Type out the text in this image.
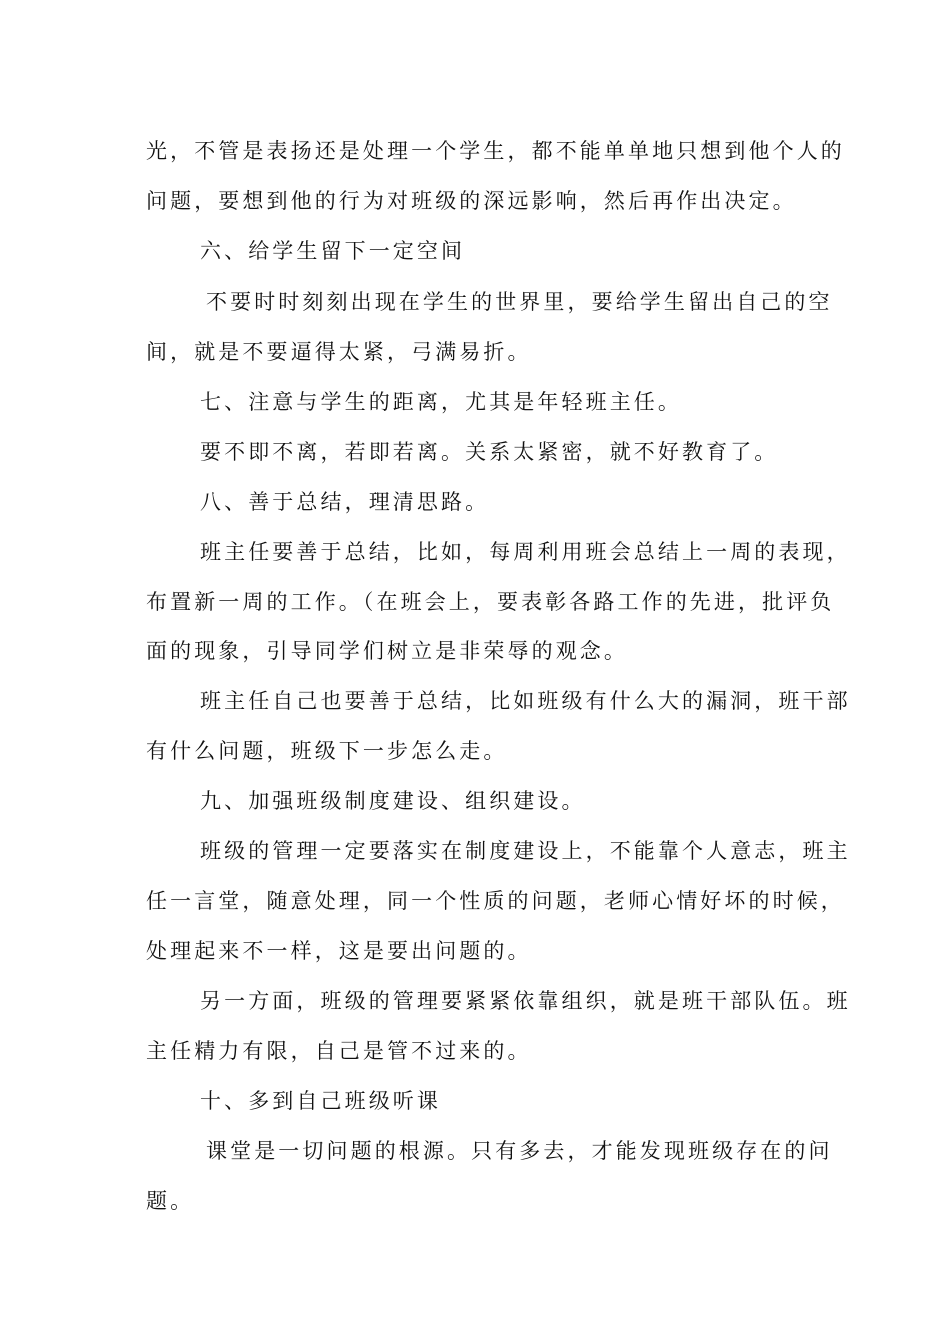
光，不管是表扬还是处理一个学生，都不能单单地只想到他个人的
问题，要想到他的行为对班级的深远影响，然后再作出决定。
六、给学生留下一定空间
不要时时刻刻出现在学生的世界里，要给学生留出自己的空
间，就是不要逼得太紧，弓满易折。
七、注意与学生的距离，尤其是年轻班主任。
要不即不离，若即若离。关系太紧密，就不好教育了。
八、善于总结，理清思路。
班主任要善于总结，比如，每周利用班会总结上一周的表现，
布置新一周的工作。（在班会上，要表彰各路工作的先进，批评负
面的现象，引导同学们树立是非荣辱的观念。
班主任自己也要善于总结，比如班级有什么大的漏洞，班干部
有什么问题，班级下一步怎么走。
九、加强班级制度建设、组织建设。
班级的管理一定要落实在制度建设上，不能靠个人意志，班主
任一言堂，随意处理，同一个性质的问题，老师心情好坏的时候，
处理起来不一样，这是要出问题的。
另一方面，班级的管理要紧紧依靠组织，就是班干部队伍。班
主任精力有限，自己是管不过来的。
十、多到自己班级听课
课堂是一切问题的根源。只有多去，才能发现班级存在的问
题。
